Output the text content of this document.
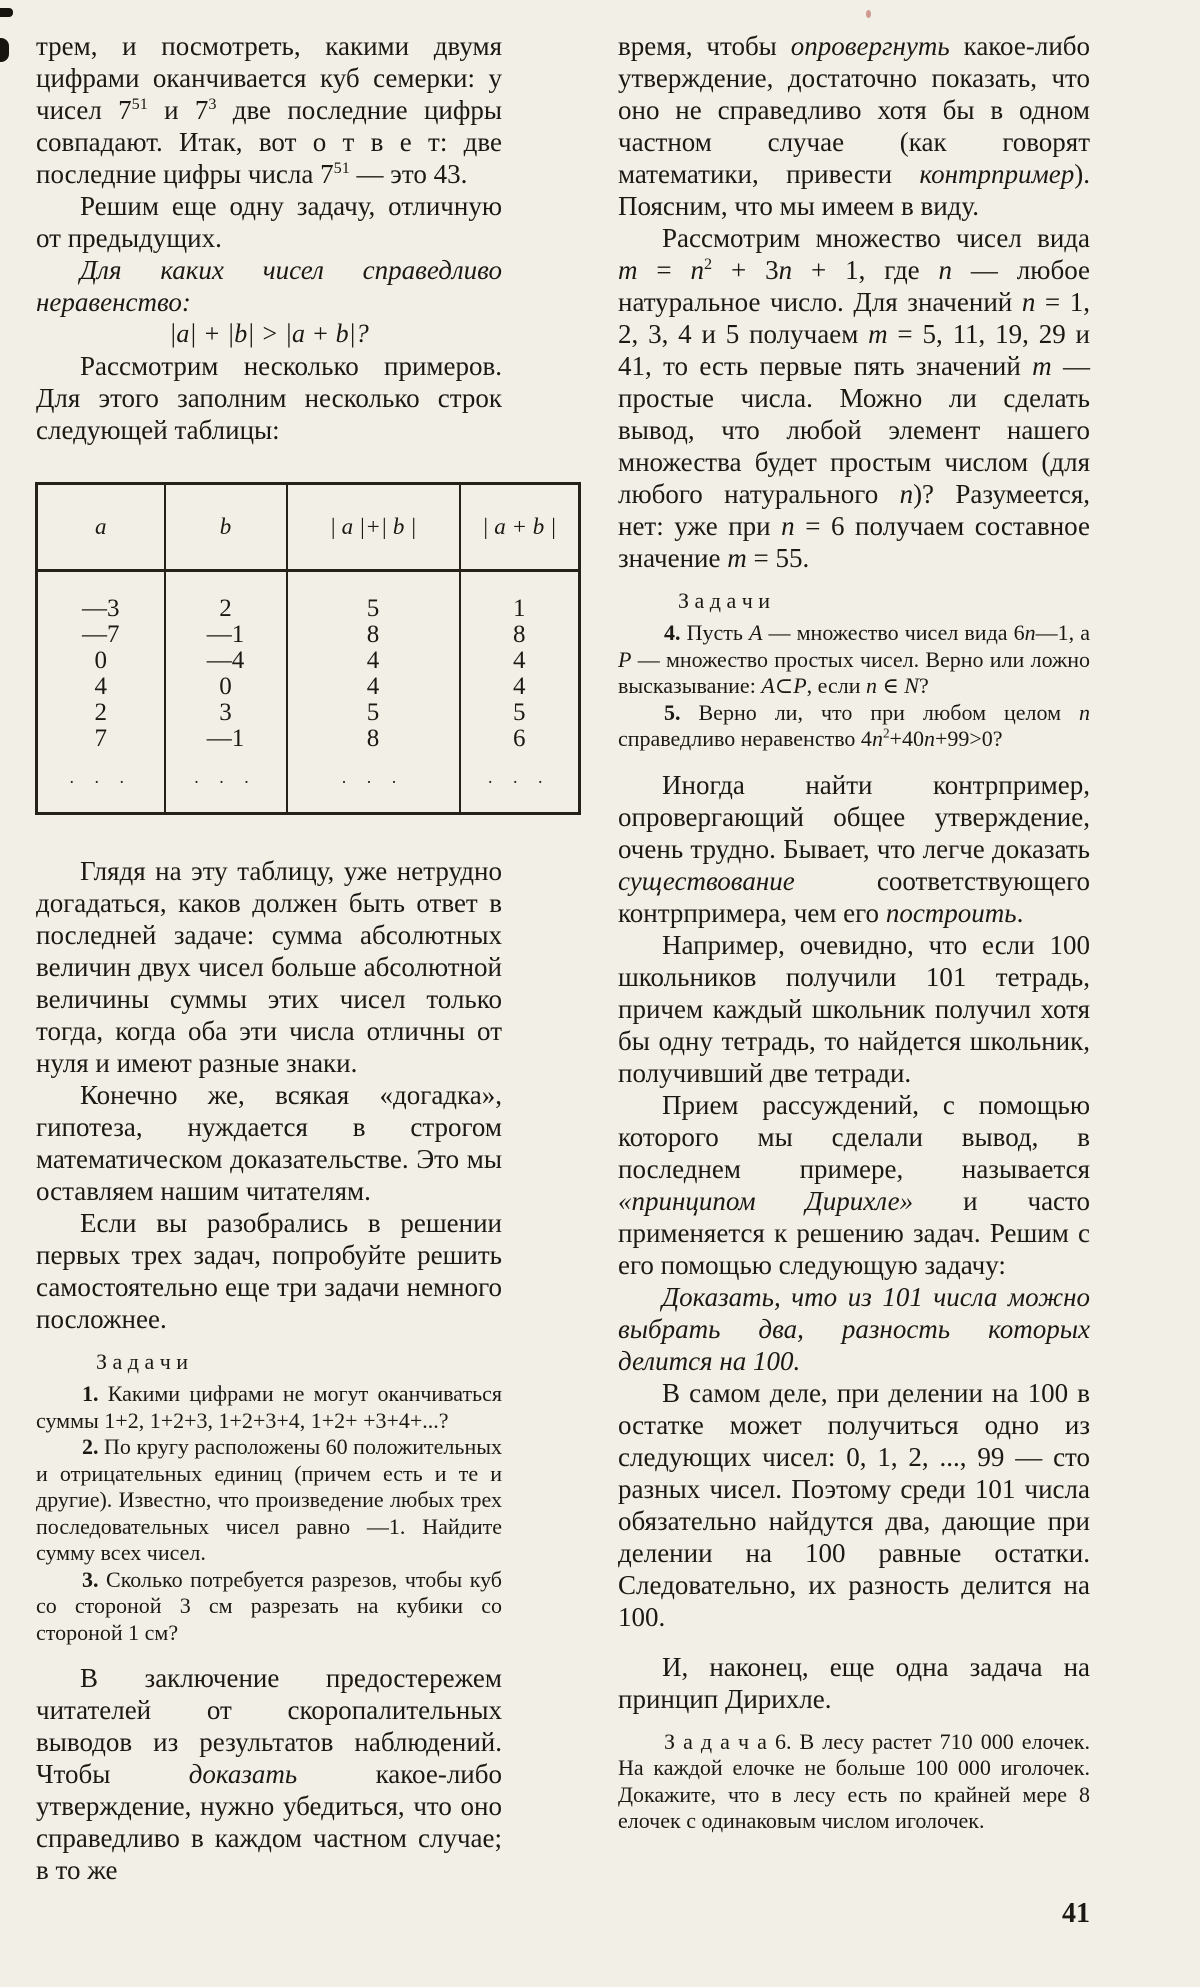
трем, и посмотреть, какими двумя цифрами оканчивается куб семерки: у чисел $7^{51}$ и $7^3$ две последние цифры совпадают. Итак, вот о т в е т: две последние цифры числа $7^{51}$ — это 43.

Решим еще одну задачу, отличную от предыдущих.

Для каких чисел справедливо неравенство:

|a| + |b| > |a + b|?

Рассмотрим несколько примеров. Для этого заполним несколько строк следующей таблицы:

a	b	| a |+| b |	| a + b |
—3	2	5	1
—7	—1	8	8
0	—4	4	4
4	0	4	4
2	3	5	5
7	—1	8	6
. . .	. . .	. . .	. . .

Глядя на эту таблицу, уже нетрудно догадаться, каков должен быть ответ в последней задаче: сумма абсолютных величин двух чисел больше абсолютной величины суммы этих чисел только тогда, когда оба эти числа отличны от нуля и имеют разные знаки.

Конечно же, всякая «догадка», гипотеза, нуждается в строгом математическом доказательстве. Это мы оставляем нашим читателям.

Если вы разобрались в решении первых трех задач, попробуйте решить самостоятельно еще три задачи немного посложнее.

З а д а ч и

1. Какими цифрами не могут оканчиваться суммы 1+2, 1+2+3, 1+2+3+4, 1+2+ +3+4+...?

2. По кругу расположены 60 положительных и отрицательных единиц (причем есть и те и другие). Известно, что произведение любых трех последовательных чисел равно —1. Найдите сумму всех чисел.

3. Сколько потребуется разрезов, чтобы куб со стороной 3 см разрезать на кубики со стороной 1 см?

В заключение предостережем читателей от скоропалительных выводов из результатов наблюдений. Чтобы доказать какое-либо утверждение, нужно убедиться, что оно справедливо в каждом частном случае; в то же

время, чтобы опровергнуть какое-либо утверждение, достаточно показать, что оно не справедливо хотя бы в одном частном случае (как говорят математики, привести контрпример). Поясним, что мы имеем в виду.

Рассмотрим множество чисел вида $m = n^2 + 3n + 1$, где n — любое натуральное число. Для значений n = 1, 2, 3, 4 и 5 получаем m = 5, 11, 19, 29 и 41, то есть первые пять значений m — простые числа. Можно ли сделать вывод, что любой элемент нашего множества будет простым числом (для любого натурального n)? Разумеется, нет: уже при n = 6 получаем составное значение m = 55.

З а д а ч и

4. Пусть А — множество чисел вида 6n—1, а Р — множество простых чисел. Верно или ложно высказывание: А⊂Р, если n ∈ N?

5. Верно ли, что при любом целом n справедливо неравенство $4n^2+40n+99>0$?

Иногда найти контрпример, опровергающий общее утверждение, очень трудно. Бывает, что легче доказать существование соответствующего контрпримера, чем его построить.

Например, очевидно, что если 100 школьников получили 101 тетрадь, причем каждый школьник получил хотя бы одну тетрадь, то найдется школьник, получивший две тетради.

Прием рассуждений, с помощью которого мы сделали вывод, в последнем примере, называется «принципом Дирихле» и часто применяется к решению задач. Решим с его помощью следующую задачу:

Доказать, что из 101 числа можно выбрать два, разность которых делится на 100.

В самом деле, при делении на 100 в остатке может получиться одно из следующих чисел: 0, 1, 2, ..., 99 — сто разных чисел. Поэтому среди 101 числа обязательно найдутся два, дающие при делении на 100 равные остатки. Следовательно, их разность делится на 100.

И, наконец, еще одна задача на принцип Дирихле.

З а д а ч а 6. В лесу растет 710 000 елочек. На каждой елочке не больше 100 000 иголочек. Докажите, что в лесу есть по крайней мере 8 елочек с одинаковым числом иголочек.

41
